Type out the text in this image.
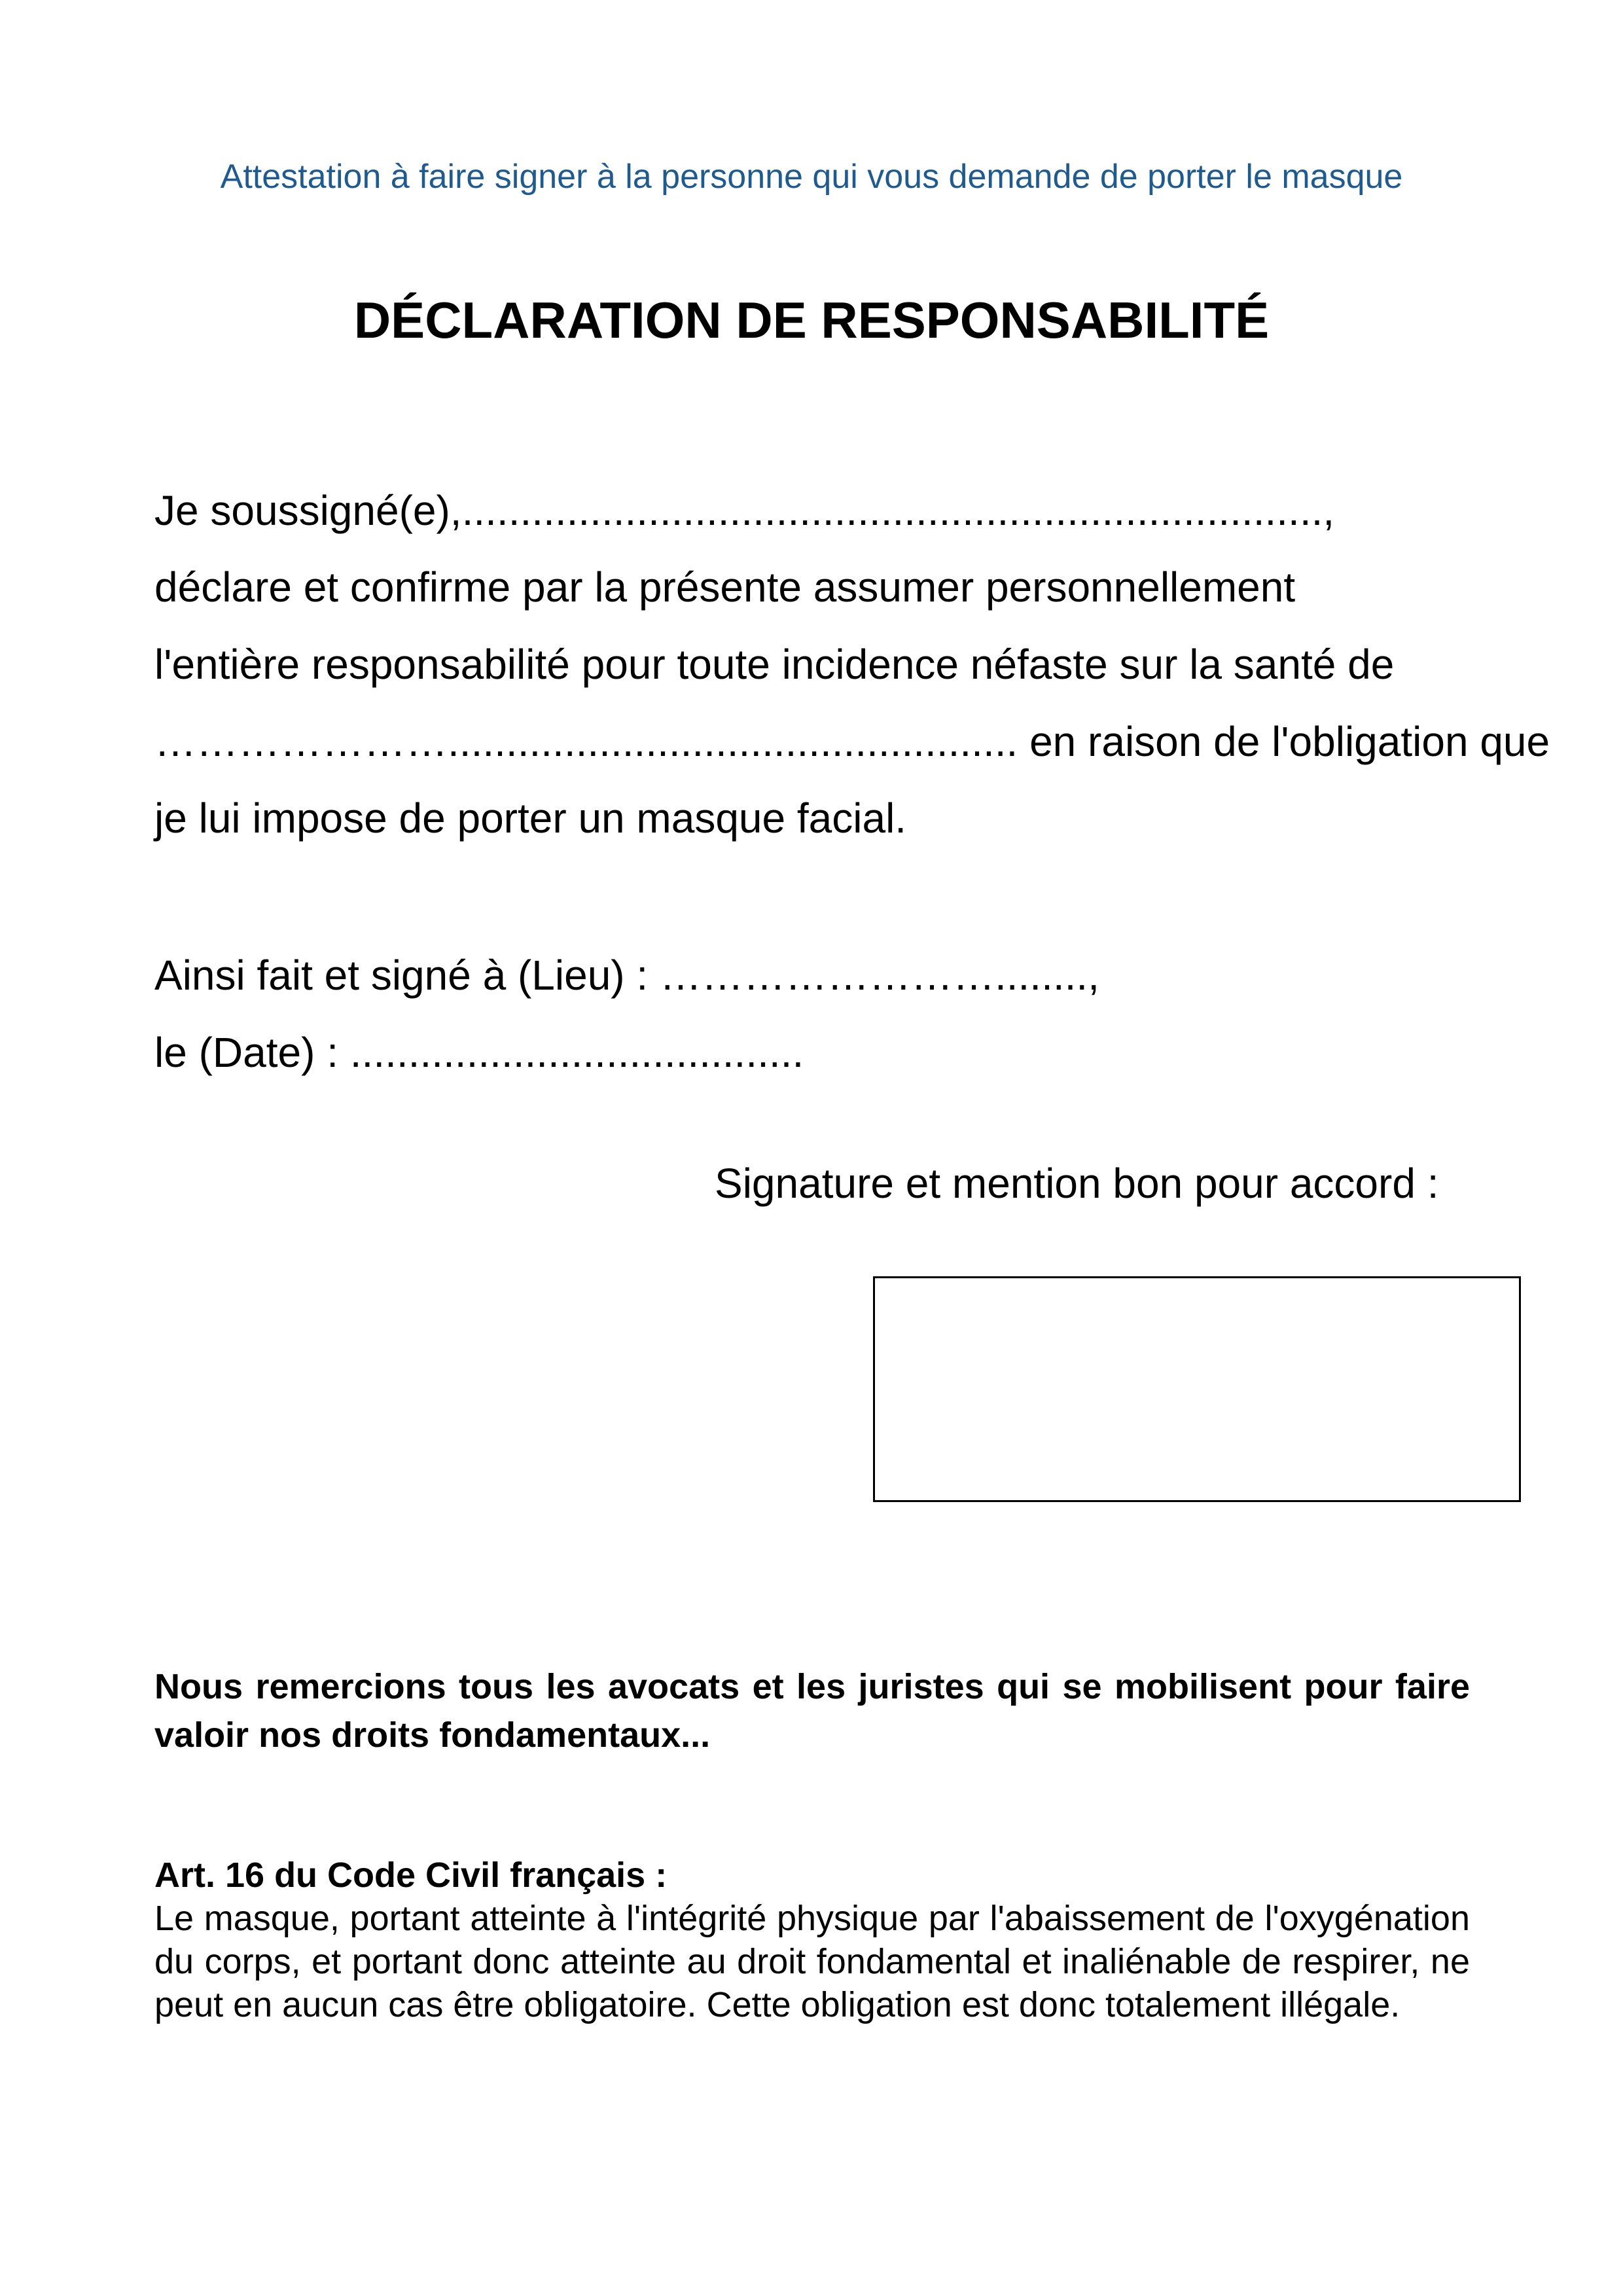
Attestation à faire signer à la personne qui vous demande de porter le masque
DÉCLARATION DE RESPONSABILITÉ
Je soussigné(e),..........................................................................,
déclare et confirme par la présente assumer personnellement
l'entière responsabilité pour toute incidence néfaste sur la santé de
…………………................................................. en raison de l'obligation que
je lui impose de porter un masque facial.
Ainsi fait et signé à (Lieu) : ……………………........,
le (Date) : .......................................
Signature et mention bon pour accord :
Nous remercions tous les avocats et les juristes qui se mobilisent pour faire valoir nos droits fondamentaux...
Art. 16 du Code Civil français :
Le masque, portant atteinte à l'intégrité physique par l'abaissement de l'oxygénation du corps, et portant donc atteinte au droit fondamental et inaliénable de respirer, ne peut en aucun cas être obligatoire. Cette obligation est donc totalement illégale.
